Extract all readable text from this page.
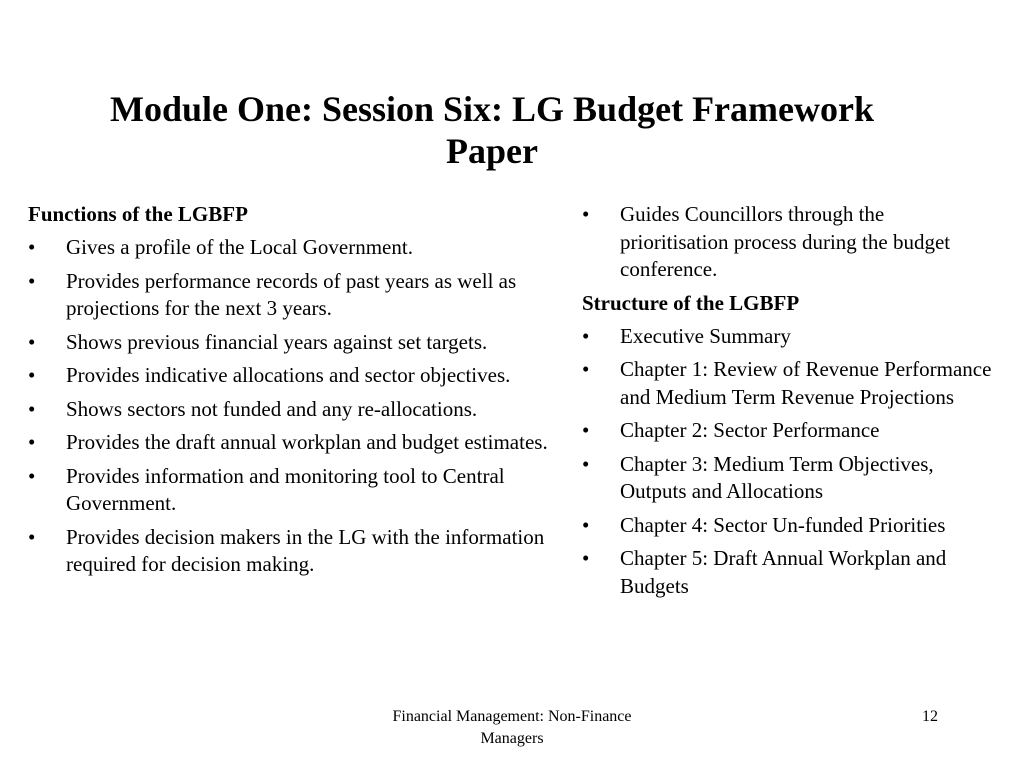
Module One: Session Six: LG Budget Framework
Paper

Functions of the LGBFP

• Gives a profile of the Local Government.
• Provides performance records of past years as well as projections for the next 3 years.
• Shows previous financial years against set targets.
• Provides indicative allocations and sector objectives.
• Shows sectors not funded and any re-allocations.
• Provides the draft annual workplan and budget estimates.
• Provides information and monitoring tool to Central Government.
• Provides decision makers in the LG with the information required for decision making.
• Guides Councillors through the prioritisation process during the budget conference.

Structure of the LGBFP

• Executive Summary
• Chapter 1: Review of Revenue Performance and Medium Term Revenue Projections
• Chapter 2: Sector Performance
• Chapter 3: Medium Term Objectives, Outputs and Allocations
• Chapter 4: Sector Un-funded Priorities
• Chapter 5: Draft Annual Workplan and Budgets
Financial Management: Non-Finance
Managers
12
